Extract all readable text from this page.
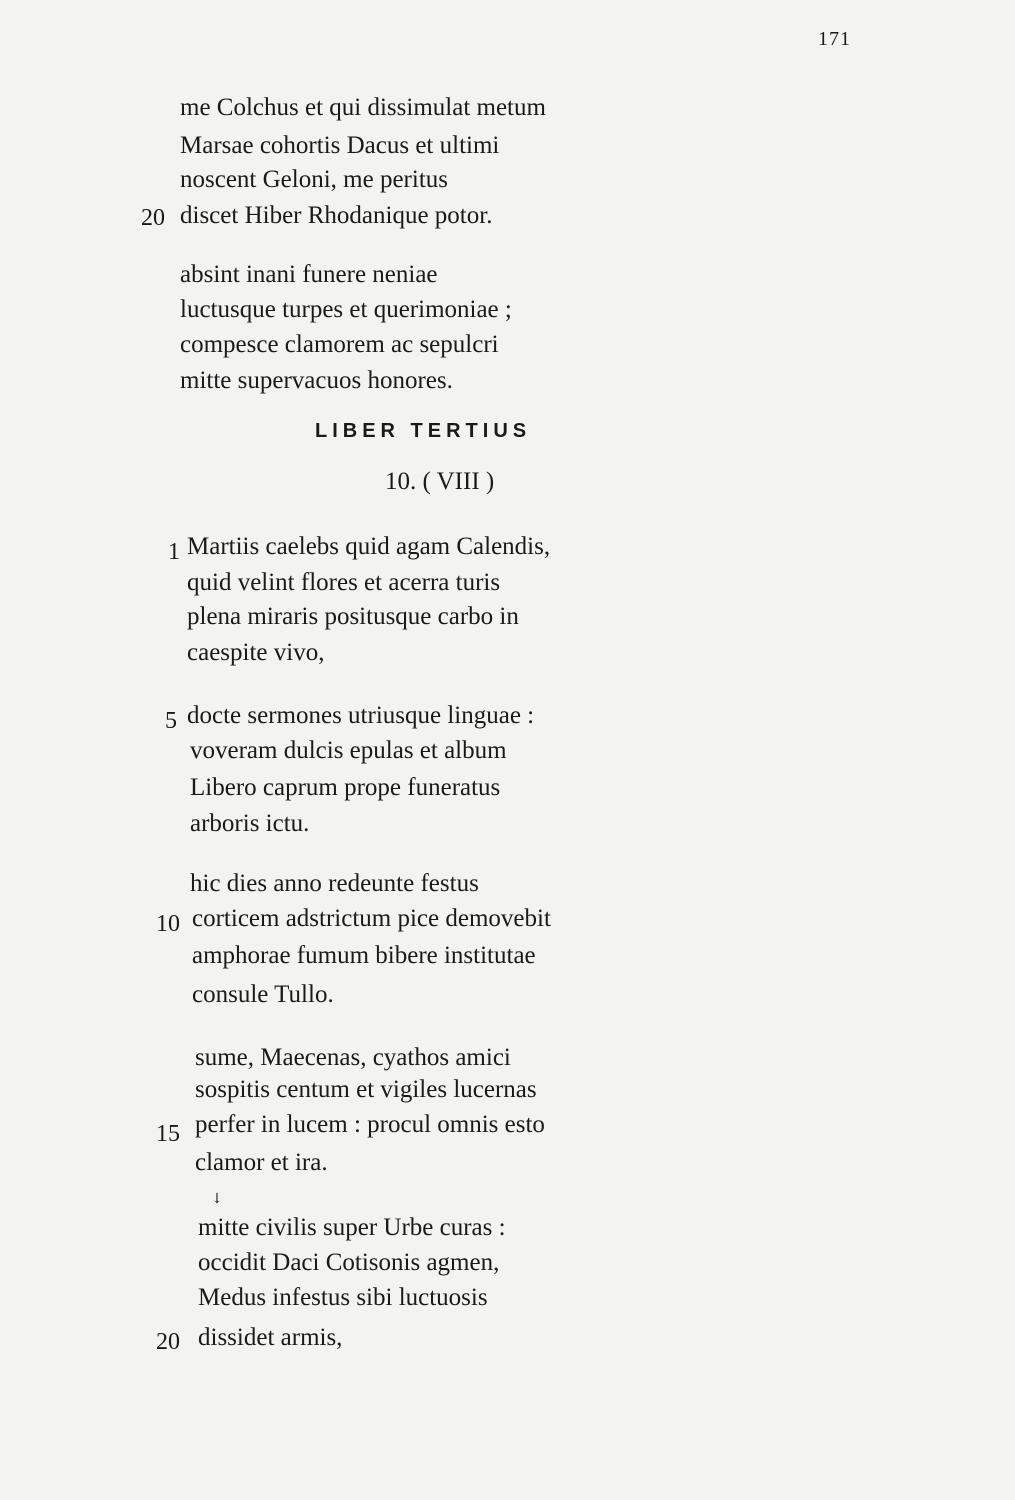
171
me Colchus et qui dissimulat metum
Marsae cohortis Dacus et ultimi
noscent Geloni, me peritus
20 discet Hiber Rhodanique potor.
absint inani funere neniae
luctusque turpes et querimoniae ;
compesce clamorem ac sepulcri
mitte supervacuos honores.
LIBER TERTIUS
10. ( VIII )
1 Martiis caelebs quid agam Calendis,
quid velint flores et acerra turis
plena miraris positusque carbo in
caespite vivo,
5 docte sermones utriusque linguae :
voveram dulcis epulas et album
Libero caprum prope funeratus
arboris ictu.
hic dies anno redeunte festus
10 corticem adstrictum pice demovebit
amphorae fumum bibere institutae
consule Tullo.
sume, Maecenas, cyathos amici
sospitis centum et vigiles lucernas
15 perfer in lucem : procul omnis esto
clamor et ira.
↘
mitte civilis super Urbe curas :
occidit Daci Cotisonis agmen,
Medus infestus sibi luctuosis
20 dissidet armis,
